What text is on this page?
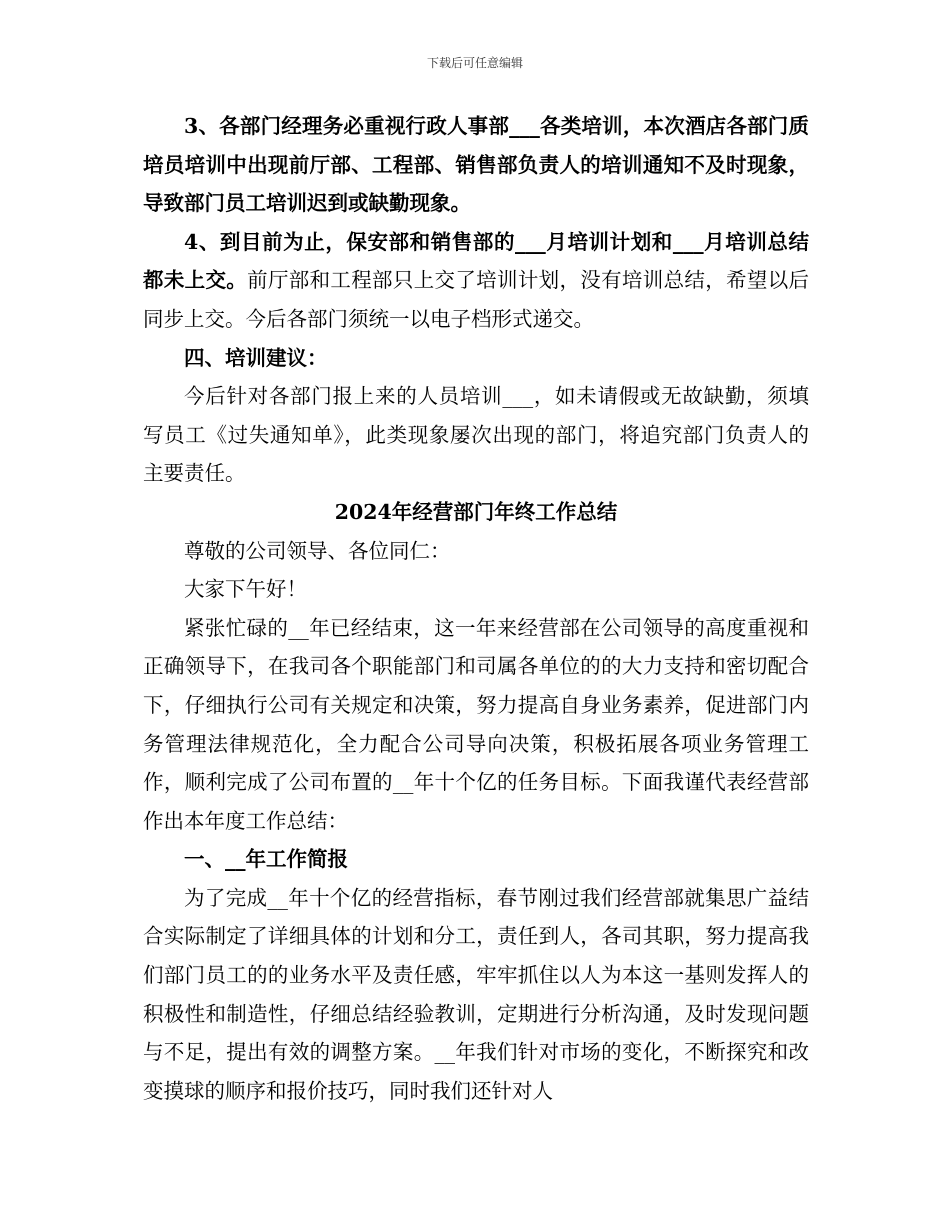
下载后可任意编辑

3、各部门经理务必重视行政人事部___各类培训，本次酒店各部门质培员培训中出现前厅部、工程部、销售部负责人的培训通知不及时现象，导致部门员工培训迟到或缺勤现象。

4、到目前为止，保安部和销售部的___月培训计划和___月培训总结都未上交。前厅部和工程部只上交了培训计划，没有培训总结，希望以后同步上交。今后各部门须统一以电子档形式递交。

四、培训建议：

今后针对各部门报上来的人员培训___，如未请假或无故缺勤，须填写员工《过失通知单》，此类现象屡次出现的部门，将追究部门负责人的主要责任。

2024年经营部门年终工作总结

尊敬的公司领导、各位同仁：

大家下午好！

紧张忙碌的__年已经结束，这一年来经营部在公司领导的高度重视和正确领导下，在我司各个职能部门和司属各单位的的大力支持和密切配合下，仔细执行公司有关规定和决策，努力提高自身业务素养，促进部门内务管理法律规范化，全力配合公司导向决策，积极拓展各项业务管理工作，顺利完成了公司布置的__年十个亿的任务目标。下面我谨代表经营部作出本年度工作总结：

一、__年工作简报

为了完成__年十个亿的经营指标，春节刚过我们经营部就集思广益结合实际制定了详细具体的计划和分工，责任到人，各司其职，努力提高我们部门员工的的业务水平及责任感，牢牢抓住以人为本这一基则发挥人的积极性和制造性，仔细总结经验教训，定期进行分析沟通，及时发现问题与不足，提出有效的调整方案。__年我们针对市场的变化，不断探究和改变摸球的顺序和报价技巧，同时我们还针对人
